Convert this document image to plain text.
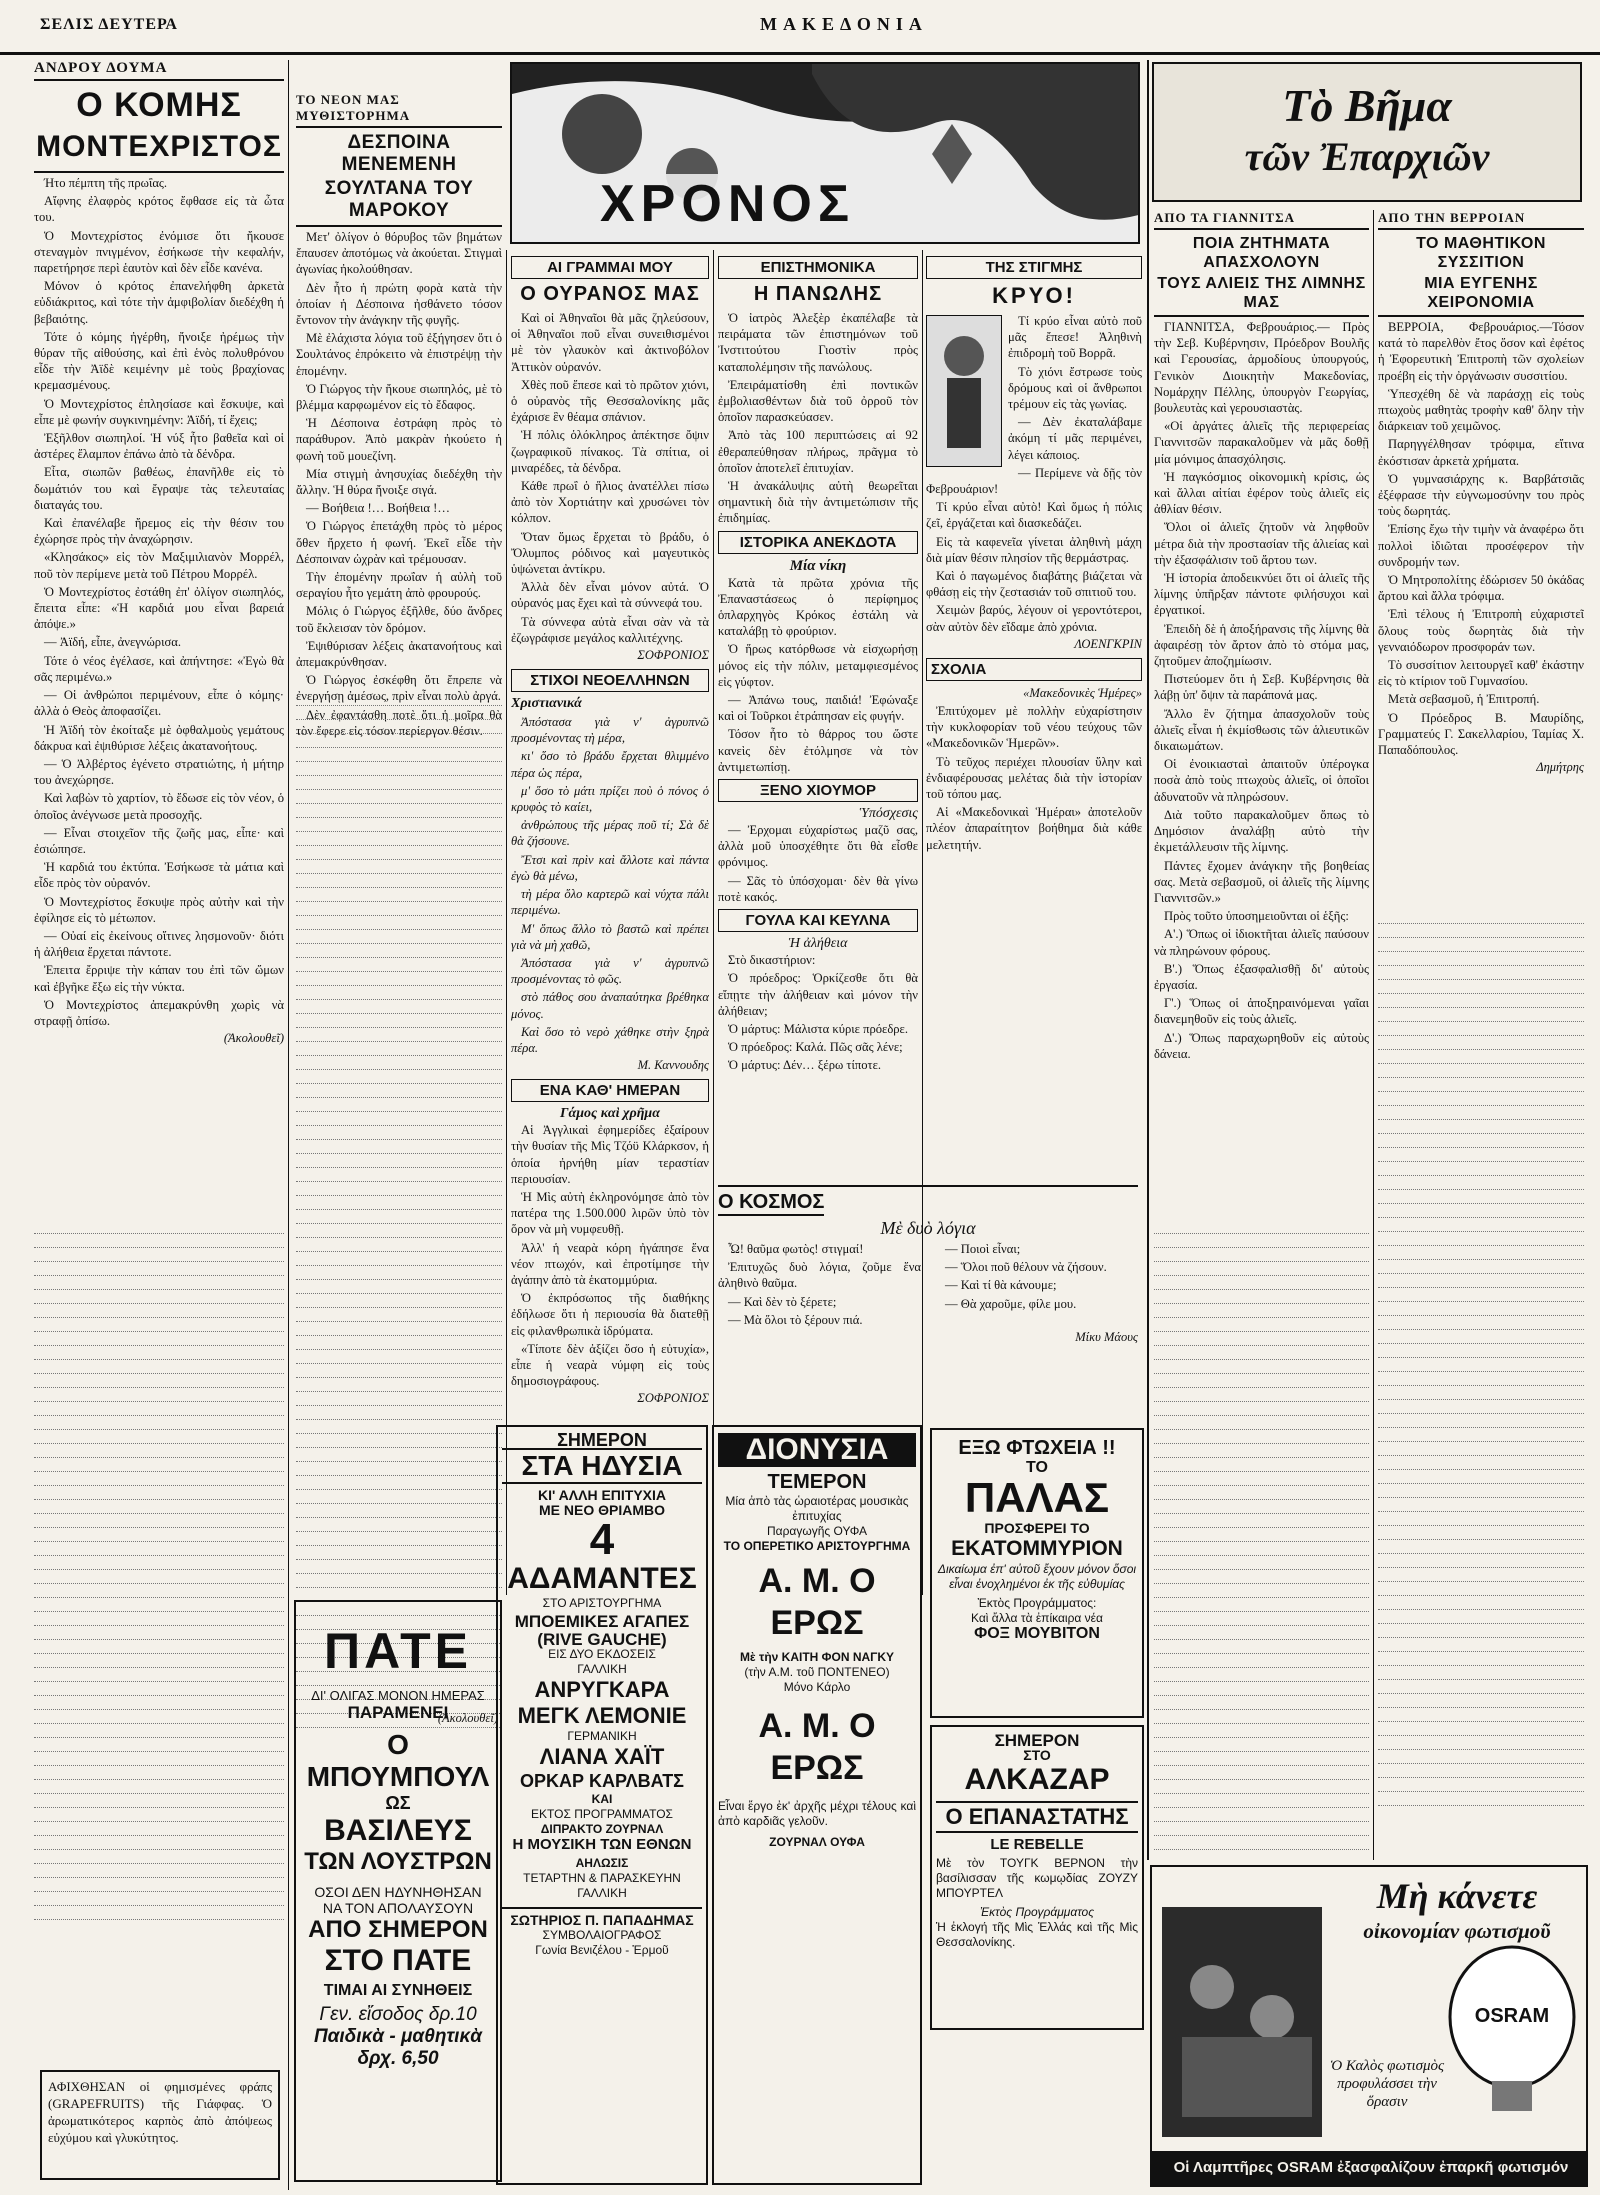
ΣΕΛΙΣ ΔΕΥΤΕΡΑ	ΜΑΚΕΔΟΝΙΑ
ΑΝΔΡΟΥ ΔΟΥΜΑ
Ο ΚΟΜΗΣ
ΜΟΝΤΕΧΡΙΣΤΟΣ

Ήτο πέμπτη τῆς πρωΐας.

Αἴφνης ἐλαφρὸς κρότος ἔφθασε εἰς τὰ ὦτα του.

Ὁ Μοντεχρίστος ἐνόμισε ὅτι ἤκουσε στεναγμὸν πνιγμένον, ἐσήκωσε τὴν κεφαλήν, παρετήρησε περὶ ἑαυτὸν καὶ δὲν εἶδε κανένα.

Μόνον ὁ κρότος ἐπανελήφθη ἀρκετὰ εὐδιάκριτος, καὶ τότε τὴν ἀμφιβολίαν διεδέχθη ἡ βεβαιότης.

Τότε ὁ κόμης ἠγέρθη, ἤνοιξε ἠρέμως τὴν θύραν τῆς αἰθούσης, καὶ ἐπὶ ἑνὸς πολυθρόνου εἶδε τὴν Ἀϊδὲ κειμένην μὲ τοὺς βραχίονας κρεμασμένους.

Ὁ Μοντεχρίστος ἐπλησίασε καὶ ἔσκυψε, καὶ εἶπε μὲ φωνήν συγκινημένην: Ἀϊδή, τί ἔχεις;

Ἐξῆλθον σιωπηλοί. Ἡ νύξ ἦτο βαθεῖα καὶ οἱ ἀστέρες ἔλαμπον ἐπάνω ἀπὸ τὰ δένδρα.

Εἶτα, σιωπῶν βαθέως, ἐπανῆλθε εἰς τὸ δωμάτιόν του καὶ ἔγραψε τὰς τελευταίας διαταγάς του.

Καὶ ἐπανέλαβε ἤρεμος εἰς τὴν θέσιν του ἐχώρησε πρὸς τὴν ἀναχώρησιν.

«Κλησάκος» εἰς τὸν Μαξιμιλιανὸν Μορρέλ, ποῦ τὸν περίμενε μετὰ τοῦ Πέτρου Μορρέλ.

Ὁ Μοντεχρίστος ἐστάθη ἐπ' ὀλίγον σιωπηλός, ἔπειτα εἶπε: «Ἡ καρδιά μου εἶναι βαρειά ἀπόψε.»

— Ἀϊδή, εἶπε, ἀνεγνώρισα.

Τότε ὁ νέος ἐγέλασε, καὶ ἀπήντησε: «Ἐγὼ θὰ σᾶς περιμένω.»

— Οἱ ἀνθρώποι περιμένουν, εἶπε ὁ κόμης· ἀλλὰ ὁ Θεὸς ἀποφασίζει.

Ἡ Ἀϊδή τὸν ἐκοίταξε μὲ ὀφθαλμοὺς γεμάτους δάκρυα καὶ ἐψιθύρισε λέξεις ἀκατανοήτους.

— Ὁ Ἀλβέρτος ἐγένετο στρατιώτης, ἡ μήτηρ του ἀνεχώρησε.

Καὶ λαβὼν τὸ χαρτίον, τὸ ἔδωσε εἰς τὸν νέον, ὁ ὁποῖος ἀνέγνωσε μετὰ προσοχῆς.

— Εἶναι στοιχεῖον τῆς ζωῆς μας, εἶπε· καὶ ἐσιώπησε.

Ἡ καρδιά του ἐκτύπα. Ἐσήκωσε τὰ μάτια καὶ εἶδε πρὸς τὸν οὐρανόν.

Ὁ Μοντεχρίστος ἔσκυψε πρὸς αὐτὴν καὶ τὴν ἐφίλησε εἰς τὸ μέτωπον.

— Οὐαί εἰς ἐκείνους οἵτινες λησμονοῦν· διότι ἡ ἀλήθεια ἔρχεται πάντοτε.

Ἐπειτα ἔρριψε τὴν κάπαν του ἐπὶ τῶν ὤμων καὶ ἐβγῆκε ἔξω εἰς τὴν νύκτα.

Ὁ Μοντεχρίστος ἀπεμακρύνθη χωρὶς νὰ στραφῇ ὀπίσω.

(Ἀκολουθεῖ)
ΑΦΙΧΘΗΣΑΝ οἱ φημισμένες φράπς (GRAPEFRUITS) τῆς Γιάφφας. Ὁ ἀρωματικότερος καρπὸς ἀπὸ ἀπόψεως εὐχύμου καὶ γλυκύτητος.
ΤΟ ΝΕΟΝ ΜΑΣ ΜΥΘΙΣΤΟΡΗΜΑ
ΔΕΣΠΟΙΝΑ ΜΕΝΕΜΕΝΗ
ΣΟΥΛΤΑΝΑ ΤΟΥ ΜΑΡΟΚΟΥ

Μετ' ὀλίγον ὁ θόρυβος τῶν βημάτων ἔπαυσεν ἀποτόμως νὰ ἀκούεται. Στιγμαὶ ἀγωνίας ἠκολούθησαν.

Δὲν ἦτο ἡ πρώτη φορὰ κατὰ τὴν ὁποίαν ἡ Δέσποινα ἠσθάνετο τόσον ἔντονον τὴν ἀνάγκην τῆς φυγῆς.

Μὲ ἐλάχιστα λόγια τοῦ ἐξήγησεν ὅτι ὁ Σουλτάνος ἐπρόκειτο νὰ ἐπιστρέψῃ τὴν ἑπομένην.

Ὁ Γιώργος τὴν ἤκουε σιωπηλός, μὲ τὸ βλέμμα καρφωμένον εἰς τὸ ἔδαφος.

Ἡ Δέσποινα ἐστράφη πρὸς τὸ παράθυρον. Ἀπὸ μακρὰν ἠκούετο ἡ φωνὴ τοῦ μουεζίνη.

Μία στιγμὴ ἀνησυχίας διεδέχθη τὴν ἄλλην. Ἡ θύρα ἤνοιξε σιγά.

— Βοήθεια !… Βοήθεια !…

Ὁ Γιώργος ἐπετάχθη πρὸς τὸ μέρος ὅθεν ἤρχετο ἡ φωνή. Ἐκεῖ εἶδε τὴν Δέσποιναν ὠχρὰν καὶ τρέμουσαν.

Τὴν ἐπομένην πρωΐαν ἡ αὐλὴ τοῦ σεραγίου ἦτο γεμάτη ἀπὸ φρουρούς.

Μόλις ὁ Γιώργος ἐξῆλθε, δύο ἄνδρες τοῦ ἔκλεισαν τὸν δρόμον.

Ἐψιθύρισαν λέξεις ἀκατανοήτους καὶ ἀπεμακρύνθησαν.

Ὁ Γιώργος ἐσκέφθη ὅτι ἔπρεπε νὰ ἐνεργήσῃ ἀμέσως, πρὶν εἶναι πολὺ ἀργά.

Δὲν ἐφαντάσθη ποτὲ ὅτι ἡ μοῖρα θὰ τὸν ἔφερε εἰς τόσον περίεργον θέσιν.

(Ἀκολουθεῖ)
ΠΑΤΕ
ΔΙ' ΟΛΙΓΑΣ ΜΟΝΟΝ ΗΜΕΡΑΣ
ΠΑΡΑΜΕΝΕΙ
Ο ΜΠΟΥΜΠΟΥΛ
ΩΣ
ΒΑΣΙΛΕΥΣ
ΤΩΝ ΛΟΥΣΤΡΩΝ
ΟΣΟΙ ΔΕΝ ΗΔΥΝΗΘΗΣΑΝ
ΝΑ ΤΟΝ ΑΠΟΛΑΥΣΟΥΝ
ΑΠΟ ΣΗΜΕΡΟΝ
ΣΤΟ ΠΑΤΕ
ΤΙΜΑΙ ΑΙ ΣΥΝΗΘΕΙΣ
Γεν. εἴσοδος δρ.10
Παιδικὰ - μαθητικὰ δρχ. 6,50
ΧΡΟΝΟΣ
ΑΙ ΓΡΑΜΜΑΙ ΜΟΥ
Ο ΟΥΡΑΝΟΣ ΜΑΣ

Καὶ οἱ Ἀθηναῖοι θὰ μᾶς ζηλεύσουν, οἱ Ἀθηναῖοι ποῦ εἶναι συνειθισμένοι μὲ τὸν γλαυκὸν καὶ ἀκτινοβόλον Ἀττικὸν οὐρανόν.

Χθὲς ποῦ ἔπεσε καὶ τὸ πρῶτον χιόνι, ὁ οὐρανὸς τῆς Θεσσαλονίκης μᾶς ἐχάρισε ἓν θέαμα σπάνιον.

Ἡ πόλις ὁλόκληρος ἀπέκτησε ὄψιν ζωγραφικοῦ πίνακος. Τὰ σπίτια, οἱ μιναρέδες, τὰ δένδρα.

Κάθε πρωΐ ὁ ἥλιος ἀνατέλλει πίσω ἀπὸ τὸν Χορτιάτην καὶ χρυσώνει τὸν κόλπον.

Ὅταν ὅμως ἔρχεται τὸ βράδυ, ὁ Ὄλυμπος ρόδινος καὶ μαγευτικὸς ὑψώνεται ἀντίκρυ.

Ἀλλὰ δὲν εἶναι μόνον αὐτά. Ὁ οὐρανός μας ἔχει καὶ τὰ σύννεφά του.

Τὰ σύννεφα αὐτὰ εἶναι σὰν νὰ τὰ ἐζωγράφισε μεγάλος καλλιτέχνης.

ΣΟΦΡΟΝΙΟΣ
ΣΤΙΧΟΙ ΝΕΟΕΛΛΗΝΩΝ
Χριστιανικά

Ἀπόστασα γιὰ ν' ἀγρυπνῶ προσμένοντας τὴ μέρα,

κι' ὅσο τὸ βράδυ ἔρχεται θλιμμένο πέρα ὡς πέρα,

μ' ὅσο τὸ μάτι πρίζει ποὺ ὁ πόνος ὁ κρυφὸς τὸ καίει,

ἀνθρώπους τῆς μέρας ποῦ τί; Σὰ δὲ θὰ ζήσουνε.

Ἔτσι καὶ πρὶν καὶ ἄλλοτε καὶ πάντα ἐγὼ θὰ μένω,

τὴ μέρα ὅλο καρτερῶ καὶ νύχτα πάλι περιμένω.

Μ' ὅπως ἄλλο τὸ βαστῶ καὶ πρέπει γιὰ νὰ μὴ χαθῶ,

Ἀπόστασα γιὰ ν' ἀγρυπνῶ προσμένοντας τὸ φῶς.

στὸ πάθος σου ἀναπαύτηκα βρέθηκα μόνος.

Καὶ ὅσο τὸ νερὸ χάθηκε στὴν ξηρὰ πέρα.

Μ. Καννουδης
ΕΝΑ ΚΑΘ' ΗΜΕΡΑΝ
Γάμος καὶ χρῆμα

Αἱ Ἀγγλικαὶ ἐφημερίδες ἐξαίρουν τὴν θυσίαν τῆς Μὶς Τζόϋ Κλάρκσον, ἡ ὁποία ἠρνήθη μίαν τεραστίαν περιουσίαν.

Ἡ Μὶς αὐτὴ ἐκληρονόμησε ἀπὸ τὸν πατέρα της 1.500.000 λιρῶν ὑπὸ τὸν ὅρον νὰ μὴ νυμφευθῇ.

Ἀλλ' ἡ νεαρὰ κόρη ἠγάπησε ἕνα νέον πτωχόν, καὶ ἐπροτίμησε τὴν ἀγάπην ἀπὸ τὰ ἑκατομμύρια.

Ὁ ἐκπρόσωπος τῆς διαθήκης ἐδήλωσε ὅτι ἡ περιουσία θὰ διατεθῇ εἰς φιλανθρωπικὰ ἱδρύματα.

«Τίποτε δὲν ἀξίζει ὅσο ἡ εὐτυχία», εἶπε ἡ νεαρὰ νύμφη εἰς τοὺς δημοσιογράφους.

ΣΟΦΡΟΝΙΟΣ
ΕΠΙΣΤΗΜΟΝΙΚΑ
Η ΠΑΝΩΛΗΣ

Ὁ ἰατρὸς Ἀλεξὲρ ἐκαπέλαβε τὰ πειράματα τῶν ἐπιστημόνων τοῦ Ἰνστιτούτου Γιοστὶν πρὸς καταπολέμησιν τῆς πανώλους.

Ἐπειράματίσθη ἐπὶ ποντικῶν ἐμβολιασθέντων διὰ τοῦ ὀρροῦ τὸν ὁποῖον παρασκεύασεν.

Ἀπὸ τὰς 100 περιπτώσεις αἱ 92 ἐθεραπεύθησαν πλήρως, πρᾶγμα τὸ ὁποῖον ἀποτελεῖ ἐπιτυχίαν.

Ἡ ἀνακάλυψις αὐτὴ θεωρεῖται σημαντικὴ διὰ τὴν ἀντιμετώπισιν τῆς ἐπιδημίας.

ΙΣΤΟΡΙΚΑ ΑΝΕΚΔΟΤΑ
Μία νίκη

Κατὰ τὰ πρῶτα χρόνια τῆς Ἐπαναστάσεως ὁ περίφημος ὁπλαρχηγὸς Κρόκος ἐστάλη νὰ καταλάβῃ τὸ φρούριον.

Ὁ ἥρως κατόρθωσε νὰ εἰσχωρήσῃ μόνος εἰς τὴν πόλιν, μεταμφιεσμένος εἰς γύφτον.

— Ἀπάνω τους, παιδιά! Ἐφώναξε καὶ οἱ Τοῦρκοι ἐτράπησαν εἰς φυγήν.

Τόσον ἦτο τὸ θάρρος του ὥστε κανεὶς δὲν ἐτόλμησε νὰ τὸν ἀντιμετωπίσῃ.

ΞΕΝΟ ΧΙΟΥΜΟΡ
Ὑπόσχεσις

— Ἐρχομαι εὐχαρίστως μαζῦ σας, ἀλλὰ μοῦ ὑποσχέθητε ὅτι θὰ εἶσθε φρόνιμος.

— Σᾶς τὸ ὑπόσχομαι· δὲν θὰ γίνω ποτὲ κακός.

ΓΟΥΛΑ ΚΑΙ ΚΕΥΛΝΑ
Ἡ ἀλήθεια

Στὸ δικαστήριον:

Ὁ πρόεδρος: Ὁρκίζεσθε ὅτι θὰ εἴπῃτε τὴν ἀλήθειαν καὶ μόνον τὴν ἀλήθειαν;

Ὁ μάρτυς: Μάλιστα κύριε πρόεδρε.

Ὁ πρόεδρος: Καλά. Πῶς σᾶς λένε;

Ὁ μάρτυς: Δέν… ξέρω τίποτε.

ΤΗΣ ΣΤΙΓΜΗΣ
ΚΡΥΟ!

Τί κρύο εἶναι αὐτὸ ποῦ μᾶς ἔπεσε! Ἀληθινὴ ἐπιδρομὴ τοῦ Βορρᾶ.

Τὸ χιόνι ἔστρωσε τοὺς δρόμους καὶ οἱ ἄνθρωποι τρέμουν εἰς τὰς γωνίας.

— Δὲν ἐκαταλάβαμε ἀκόμη τί μᾶς περιμένει, λέγει κάποιος.

— Περίμενε νὰ δῇς τὸν Φεβρουάριον!

Τί κρύο εἶναι αὐτὸ! Καὶ ὅμως ἡ πόλις ζεῖ, ἐργάζεται καὶ διασκεδάζει.

Εἰς τὰ καφενεῖα γίνεται ἀληθινὴ μάχη διὰ μίαν θέσιν πλησίον τῆς θερμάστρας.

Καὶ ὁ παγωμένος διαβάτης βιάζεται νὰ φθάσῃ εἰς τὴν ζεστασιάν τοῦ σπιτιοῦ του.

Χειμὼν βαρύς, λέγουν οἱ γεροντότεροι, σὰν αὐτὸν δὲν εἴδαμε ἀπὸ χρόνια.

ΛΟΕΝΓΚΡΙΝ
ΣΧΟΛΙΑ

«Μακεδονικὲς Ἡμέρες»

Ἐπιτύχομεν μὲ πολλὴν εὐχαρίστησιν τὴν κυκλοφορίαν τοῦ νέου τεύχους τῶν «Μακεδονικῶν Ἡμερῶν».

Τὸ τεῦχος περιέχει πλουσίαν ὕλην καὶ ἐνδιαφέρουσας μελέτας διὰ τὴν ἱστορίαν τοῦ τόπου μας.

Αἱ «Μακεδονικαὶ Ἡμέραι» ἀποτελοῦν πλέον ἀπαραίτητον βοήθημα διὰ κάθε μελετητήν.

Ο ΚΟΣΜΟΣ
Μὲ δυὸ λόγια

Ὦ! θαῦμα φωτὸς! στιγμαί!

Ἐπιτυχῶς δυὸ λόγια, ζοῦμε ἕνα ἀληθινὸ θαῦμα.

— Καὶ δὲν τὸ ξέρετε;

— Μὰ ὅλοι τὸ ξέρουν πιά.

— Ποιοὶ εἶναι;

— Ὅλοι ποῦ θέλουν νὰ ζήσουν.

— Καὶ τί θὰ κάνουμε;

— Θὰ χαροῦμε, φίλε μου.

Μίκυ Μάους
ΣΗΜΕΡΟΝ
ΣΤΑ ΗΔΥΣΙΑ
ΚΙ' ΑΛΛΗ ΕΠΙΤΥΧΙΑ
ΜΕ ΝΕΟ ΘΡΙΑΜΒΟ
4
ΑΔΑΜΑΝΤΕΣ
ΣΤΟ ΑΡΙΣΤΟΥΡΓΗΜΑ
ΜΠΟΕΜΙΚΕΣ ΑΓΑΠΕΣ
(RIVE GAUCHE)
ΕΙΣ ΔΥΟ ΕΚΔΟΣΕΙΣ
ΓΑΛΛΙΚΗ
ΑΝΡΥΓΚΑΡΑ
ΜΕΓΚ ΛΕΜΟΝΙΕ
ΓΕΡΜΑΝΙΚΗ
ΛΙΑΝΑ ΧΑΪΤ
ΟΡΚΑΡ ΚΑΡΛΒΑΤΣ
ΚΑΙ
ΕΚΤΟΣ ΠΡΟΓΡΑΜΜΑΤΟΣ
ΔΙΠΡΑΚΤΟ ΖΟΥΡΝΑΛ
Η ΜΟΥΣΙΚΗ ΤΩΝ ΕΘΝΩΝ
ΑΗΛΩΣΙΣ
ΤΕΤΑΡΤΗΝ & ΠΑΡΑΣΚΕΥΗΝ
ΓΑΛΛΙΚΗ
ΣΩΤΗΡΙΟΣ Π. ΠΑΠΑΔΗΜΑΣ
ΣΥΜΒΟΛΑΙΟΓΡΑΦΟΣ
Γωνία Βενιζέλου - Ἑρμοῦ
ΔΙΟΝΥΣΙΑ
ΤΕΜΕΡΟΝ
Μία ἀπὸ τὰς ὡραιοτέρας μουσικὰς ἐπιτυχίας
Παραγωγῆς ΟΥΦΑ
ΤΟ ΟΠΕΡΕΤΙΚΟ ΑΡΙΣΤΟΥΡΓΗΜΑ
Α. Μ. Ο ΕΡΩΣ
Μὲ τὴν ΚΑΙΤΗ ΦΟΝ ΝΑΓΚΥ
(τὴν Α.Μ. τοῦ ΠΟΝΤΕΝΕΟ)
Μόνο Κάρλο
Α. Μ. Ο ΕΡΩΣ
Εἶναι ἔργο ἐκ' ἀρχῆς μέχρι τέλους καὶ ἀπὸ καρδιᾶς γελοῦν.
ΖΟΥΡΝΑΛ ΟΥΦΑ
ΕΞΩ ΦΤΩΧΕΙΑ !!
ΤΟ
ΠΑΛΑΣ
ΠΡΟΣΦΕΡΕΙ ΤΟ
ΕΚΑΤΟΜΜΥΡΙΟΝ
Δικαίωμα ἐπ' αὐτοῦ ἔχουν μόνον ὅσοι εἶναι ἐνοχλημένοι ἐκ τῆς εὐθυμίας
Ἐκτὸς Προγράμματος:
Καὶ ἄλλα τὰ ἐπίκαιρα νέα
ΦΟΞ ΜΟΥΒΙΤΟΝ
ΣΗΜΕΡΟΝ
ΣΤΟ
ΑΛΚΑΖΑΡ
Ο ΕΠΑΝΑΣΤΑΤΗΣ
LE REBELLE
Μὲ τὸν ΤΟΥΓΚ ΒΕΡΝΟΝ τὴν βασίλισσαν τῆς κωμῳδίας ΖΟΥΖΥ ΜΠΟΥΡΤΕΛ
Ἐκτὸς Προγράμματος
Ἡ ἐκλογή τῆς Μὶς Ἑλλάς καὶ τῆς Μὶς Θεσσαλονίκης.
Τὸ Βῆμα
τῶν Ἐπαρχιῶν
ΑΠΟ ΤΑ ΓΙΑΝΝΙΤΣΑ
ΠΟΙΑ ΖΗΤΗΜΑΤΑ ΑΠΑΣΧΟΛΟΥΝ
ΤΟΥΣ ΑΛΙΕΙΣ ΤΗΣ ΛΙΜΝΗΣ ΜΑΣ

ΓΙΑΝΝΙΤΣΑ, Φεβρουάριος.— Πρὸς τὴν Σεβ. Κυβέρνησιν, Πρόεδρον Βουλῆς καὶ Γερουσίας, ἁρμοδίους ὑπουργούς, Γενικὸν Διοικητὴν Μακεδονίας, Νομάρχην Πέλλης, ὑπουργὸν Γεωργίας, βουλευτὰς καὶ γερουσιαστὰς.

«Οἱ ἀργάτες ἁλιεῖς τῆς περιφερείας Γιαννιτσῶν παρακαλοῦμεν νὰ μᾶς δοθῇ μία μόνιμος ἀπασχόλησις.

Ἡ παγκόσμιος οἰκονομικὴ κρίσις, ὡς καὶ ἄλλαι αἰτίαι ἐφέρον τοὺς ἁλιεῖς εἰς ἀθλίαν θέσιν.

Ὅλοι οἱ ἁλιεῖς ζητοῦν νὰ ληφθοῦν μέτρα διὰ τὴν προστασίαν τῆς ἁλιείας καὶ τὴν ἐξασφάλισιν τοῦ ἄρτου των.

Ἡ ἱστορία ἀποδεικνύει ὅτι οἱ ἁλιεῖς τῆς λίμνης ὑπῆρξαν πάντοτε φιλήσυχοι καὶ ἐργατικοί.

Ἐπειδὴ δὲ ἡ ἀποξήρανσις τῆς λίμνης θὰ ἀφαιρέσῃ τὸν ἄρτον ἀπὸ τὸ στόμα μας, ζητοῦμεν ἀποζημίωσιν.

Πιστεύομεν ὅτι ἡ Σεβ. Κυβέρνησις θὰ λάβῃ ὑπ' ὄψιν τὰ παράπονά μας.

Ἄλλο ἓν ζήτημα ἀπασχολοῦν τοὺς ἁλιεῖς εἶναι ἡ ἐκμίσθωσις τῶν ἁλιευτικῶν δικαιωμάτων.

Οἱ ἐνοικιασταὶ ἀπαιτοῦν ὑπέρογκα ποσὰ ἀπὸ τοὺς πτωχοὺς ἁλιεῖς, οἱ ὁποῖοι ἀδυνατοῦν νὰ πληρώσουν.

Διὰ τοῦτο παρακαλοῦμεν ὅπως τὸ Δημόσιον ἀναλάβῃ αὐτὸ τὴν ἐκμετάλλευσιν τῆς λίμνης.

Πάντες ἔχομεν ἀνάγκην τῆς βοηθείας σας. Μετὰ σεβασμοῦ, οἱ ἁλιεῖς τῆς λίμνης Γιαννιτσῶν.»

Πρὸς τοῦτο ὑποσημειοῦνται οἱ ἑξῆς:

Α'.) Ὅπως οἱ ἰδιοκτῆται ἁλιεῖς παύσουν νὰ πληρώνουν φόρους.

Β'.) Ὅπως ἐξασφαλισθῇ δι' αὐτοὺς ἐργασία.

Γ'.) Ὅπως οἱ ἀποξηραινόμεναι γαῖαι διανεμηθοῦν εἰς τοὺς ἁλιεῖς.

Δ'.) Ὅπως παραχωρηθοῦν εἰς αὐτοὺς δάνεια.

ΑΠΟ ΤΗΝ ΒΕΡΡΟΙΑΝ
ΤΟ ΜΑΘΗΤΙΚΟΝ ΣΥΣΣΙΤΙΟΝ
ΜΙΑ ΕΥΓΕΝΗΣ ΧΕΙΡΟΝΟΜΙΑ

ΒΕΡΡΟΙΑ, Φεβρουάριος.—Τόσον κατά τὸ παρελθὸν ἔτος ὅσον καὶ ἐφέτος ἡ Ἐφορευτικὴ Ἐπιτροπὴ τῶν σχολείων προέβη εἰς τὴν ὀργάνωσιν συσσιτίου.

Ὑπεσχέθη δὲ νὰ παράσχῃ εἰς τοὺς πτωχοὺς μαθητὰς τροφὴν καθ' ὅλην τὴν διάρκειαν τοῦ χειμῶνος.

Παρηγγέλθησαν τρόφιμα, εἴτινα ἐκόστισαν ἀρκετὰ χρήματα.

Ὁ γυμνασιάρχης κ. Βαρβάτσιᾶς ἐξέφρασε τὴν εὐγνωμοσύνην του πρὸς τοὺς δωρητάς.

Ἐπίσης ἔχω τὴν τιμὴν νὰ ἀναφέρω ὅτι πολλοὶ ἰδιῶται προσέφερον τὴν συνδρομήν των.

Ὁ Μητροπολίτης ἐδώρισεν 50 ὀκάδας ἄρτου καὶ ἄλλα τρόφιμα.

Ἐπὶ τέλους ἡ Ἐπιτροπὴ εὐχαριστεῖ ὅλους τοὺς δωρητὰς διὰ τὴν γενναιόδωρον προσφοράν των.

Τὸ συσσίτιον λειτουργεῖ καθ' ἑκάστην εἰς τὸ κτίριον τοῦ Γυμνασίου.

Μετὰ σεβασμοῦ, ἡ Ἐπιτροπή.

Ὁ Πρόεδρος Β. Μαυρίδης, Γραμματεύς Γ. Σακελλαρίου, Ταμίας Χ. Παπαδόπουλος.

Δημήτρης
Μὴ κάνετε
οἰκονομίαν φωτισμοῦ
Ὁ Καλὸς φωτισμὸς προφυλάσσει τὴν ὅρασιν
OSRAM
Οἱ Λαμπτῆρες OSRAM ἐξασφαλίζουν ἐπαρκῆ φωτισμόν
